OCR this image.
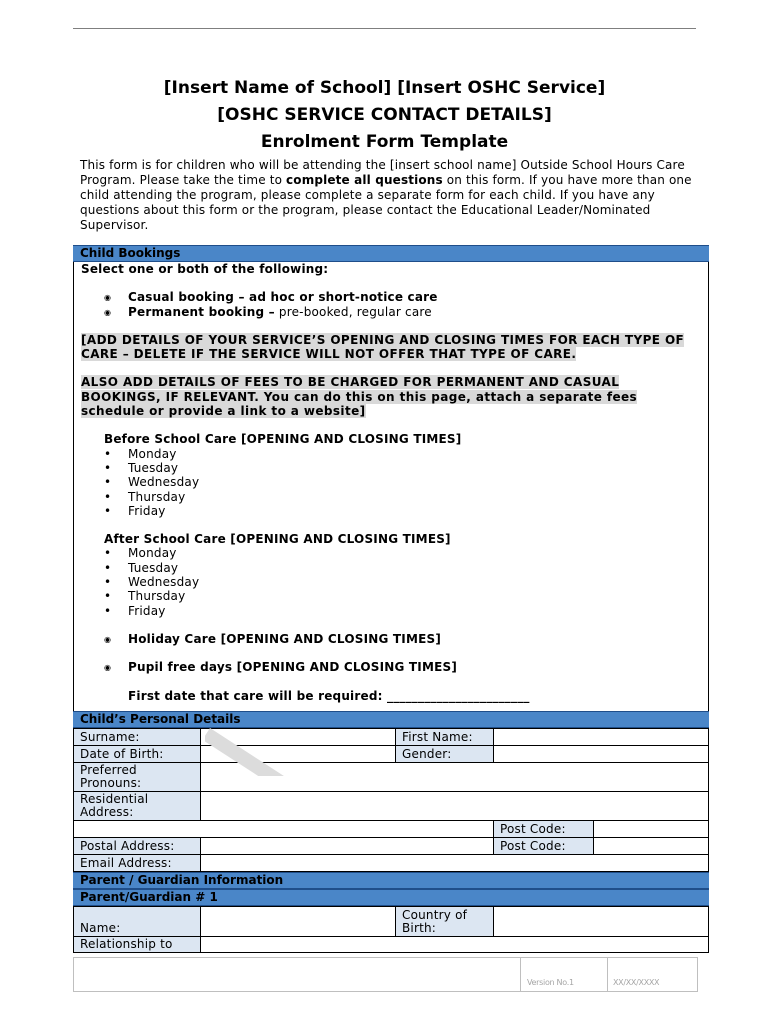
[Insert Name of School] [Insert OSHC Service]
[OSHC SERVICE CONTACT DETAILS]
Enrolment Form Template
This form is for children who will be attending the [insert school name] Outside School Hours Care Program. Please take the time to complete all questions on this form. If you have more than one child attending the program, please complete a separate form for each child. If you have any questions about this form or the program, please contact the Educational Leader/Nominated Supervisor.
Child Bookings
Select one or both of the following:
◉ Casual booking – ad hoc or short-notice care
◉ Permanent booking – pre-booked, regular care
[ADD DETAILS OF YOUR SERVICE’S OPENING AND CLOSING TIMES FOR EACH TYPE OF CARE – DELETE IF THE SERVICE WILL NOT OFFER THAT TYPE OF CARE.
ALSO ADD DETAILS OF FEES TO BE CHARGED FOR PERMANENT AND CASUAL BOOKINGS, IF RELEVANT. You can do this on this page, attach a separate fees schedule or provide a link to a website]
Before School Care [OPENING AND CLOSING TIMES]
• Monday
• Tuesday
• Wednesday
• Thursday
• Friday
After School Care [OPENING AND CLOSING TIMES]
• Monday
• Tuesday
• Wednesday
• Thursday
• Friday
◉ Holiday Care [OPENING AND CLOSING TIMES]
◉ Pupil free days [OPENING AND CLOSING TIMES]
First date that care will be required: _______________________
Child’s Personal Details
Surname:		First Name:		
Date of Birth:		Gender:		
Preferred Pronouns:				
Residential Address:				
			Post Code:	
Postal Address:			Post Code:	
Email Address:				
Parent / Guardian Information
Parent/Guardian # 1
Name:		Country of Birth:	
Relationship to			
Version No.1	XX/XX/XXXX
